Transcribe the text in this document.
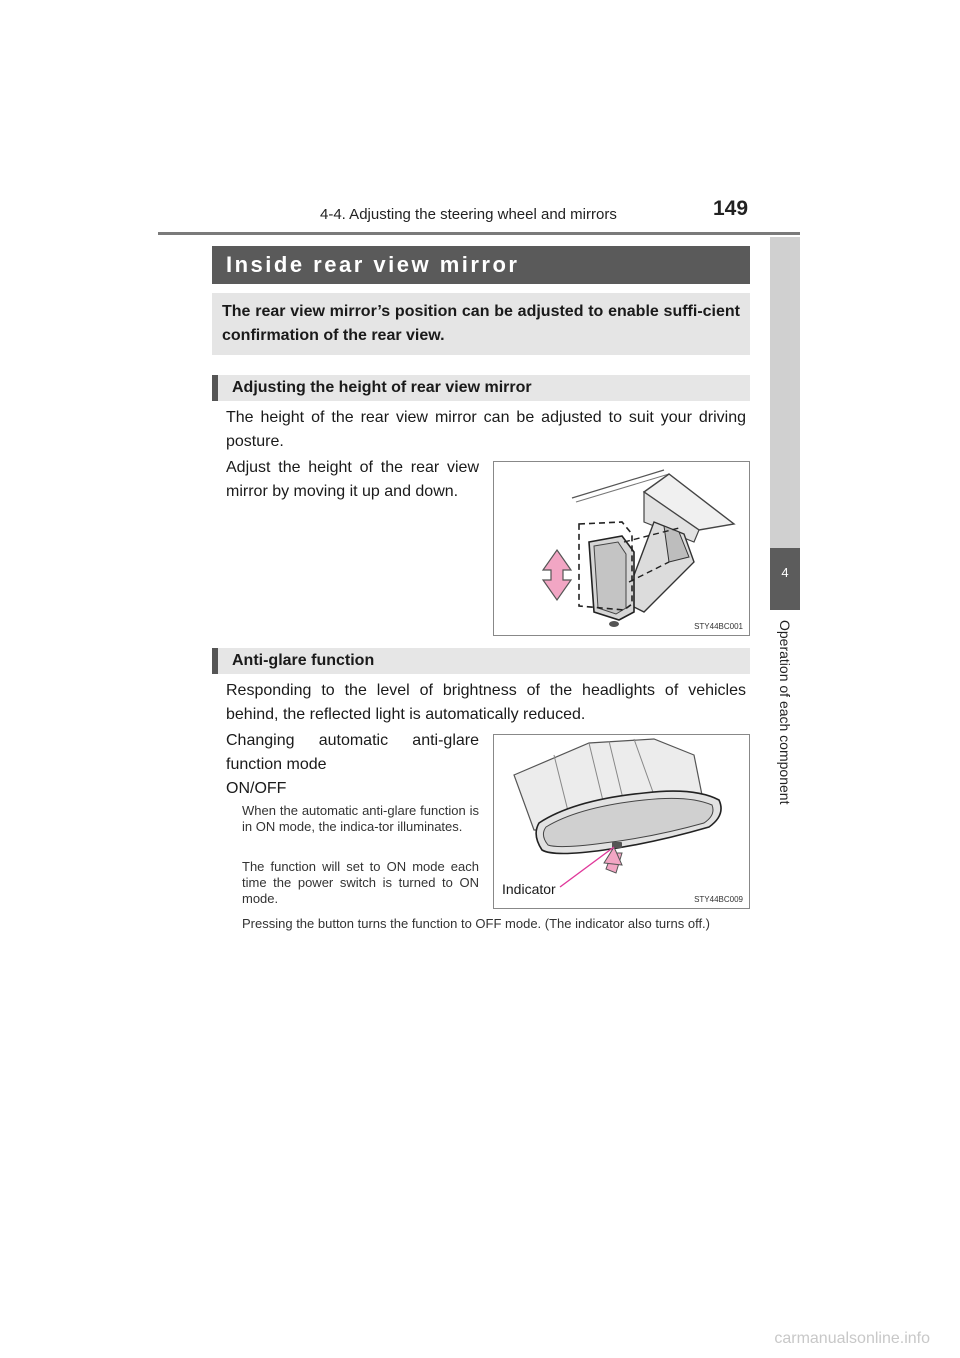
4-4. Adjusting the steering wheel and mirrors	149
4
Operation of each component
Inside rear view mirror
The rear view mirror’s position can be adjusted to enable suffi-cient confirmation of the rear view.
Adjusting the height of rear view mirror
The height of the rear view mirror can be adjusted to suit your driving posture.
Adjust the height of the rear view mirror by moving it up and down.
STY44BC001
Anti-glare function
Responding to the level of brightness of the headlights of vehicles behind, the reflected light is automatically reduced.
Changing automatic anti-glare function mode
ON/OFF
When the automatic anti-glare function is in ON mode, the indica-tor illuminates.
The function will set to ON mode each time the power switch is turned to ON mode.
Pressing the button turns the function to OFF mode. (The indicator also turns off.)
Indicator
STY44BC009
carmanualsonline.info
